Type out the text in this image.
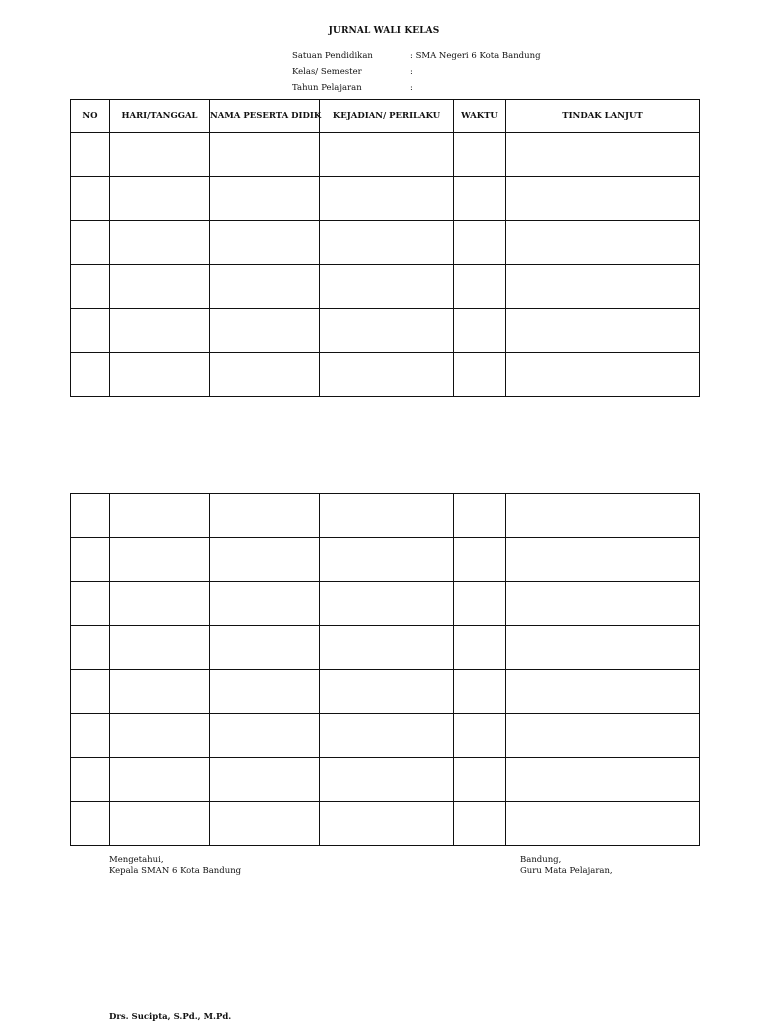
JURNAL WALI KELAS
Satuan Pendidikan	: SMA Negeri 6 Kota Bandung
Kelas/ Semester	:
Tahun Pelajaran	:
NO	HARI/TANGGAL	NAMA PESERTA DIDIK	KEJADIAN/ PERILAKU	WAKTU	TINDAK LANJUT

Mengetahui,
Kepala SMAN 6 Kota Bandung
Bandung,
Guru Mata Pelajaran,
Drs. Sucipta, S.Pd., M.Pd.
